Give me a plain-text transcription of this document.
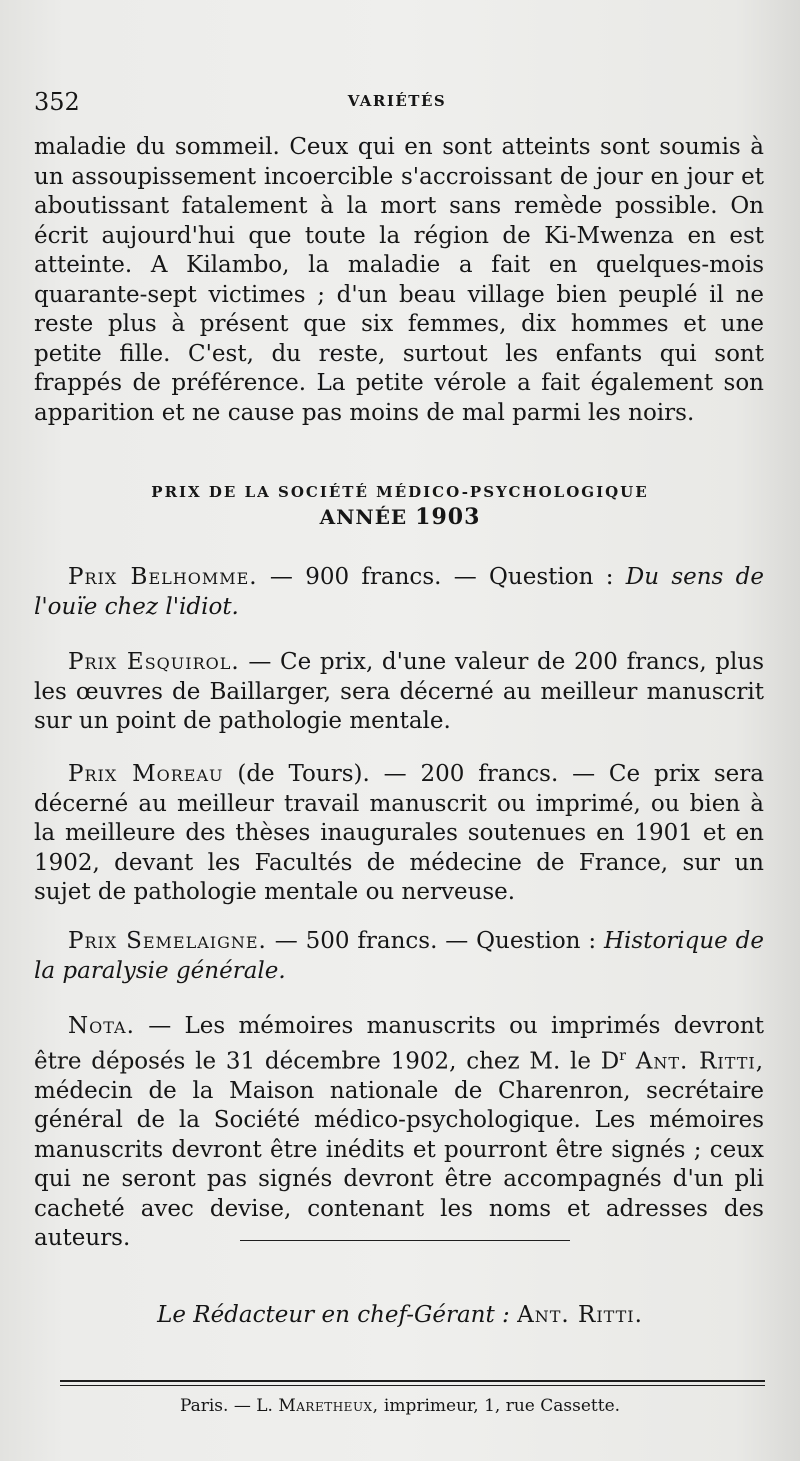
352	VARIÉTÉS
maladie du sommeil. Ceux qui en sont atteints sont soumis à un assoupissement incoercible s'accroissant de jour en jour et aboutissant fatalement à la mort sans remède possible. On écrit aujourd'hui que toute la région de Ki-Mwenza en est atteinte. A Kilambo, la maladie a fait en quelques-mois quarante-sept victimes ; d'un beau village bien peuplé il ne reste plus à présent que six femmes, dix hommes et une petite fille. C'est, du reste, surtout les enfants qui sont frappés de préférence. La petite vérole a fait également son apparition et ne cause pas moins de mal parmi les noirs.
PRIX DE LA SOCIÉTÉ MÉDICO-PSYCHOLOGIQUE
ANNÉE 1903
Prix Belhomme. — 900 francs. — Question : Du sens de l'ouïe chez l'idiot.
Prix Esquirol. — Ce prix, d'une valeur de 200 francs, plus les œuvres de Baillarger, sera décerné au meilleur manuscrit sur un point de pathologie mentale.
Prix Moreau (de Tours). — 200 francs. — Ce prix sera décerné au meilleur travail manuscrit ou imprimé, ou bien à la meilleure des thèses inaugurales soutenues en 1901 et en 1902, devant les Facultés de médecine de France, sur un sujet de pathologie mentale ou nerveuse.
Prix Semelaigne. — 500 francs. — Question : Historique de la paralysie générale.
Nota. — Les mémoires manuscrits ou imprimés devront être déposés le 31 décembre 1902, chez M. le $D^r$ Ant. Ritti, médecin de la Maison nationale de Charenron, secrétaire général de la Société médico-psychologique. Les mémoires manuscrits devront être inédits et pourront être signés ; ceux qui ne seront pas signés devront être accompagnés d'un pli cacheté avec devise, contenant les noms et adresses des auteurs.
Le Rédacteur en chef-Gérant : Ant. Ritti.
Paris. — L. Maretheux, imprimeur, 1, rue Cassette.
